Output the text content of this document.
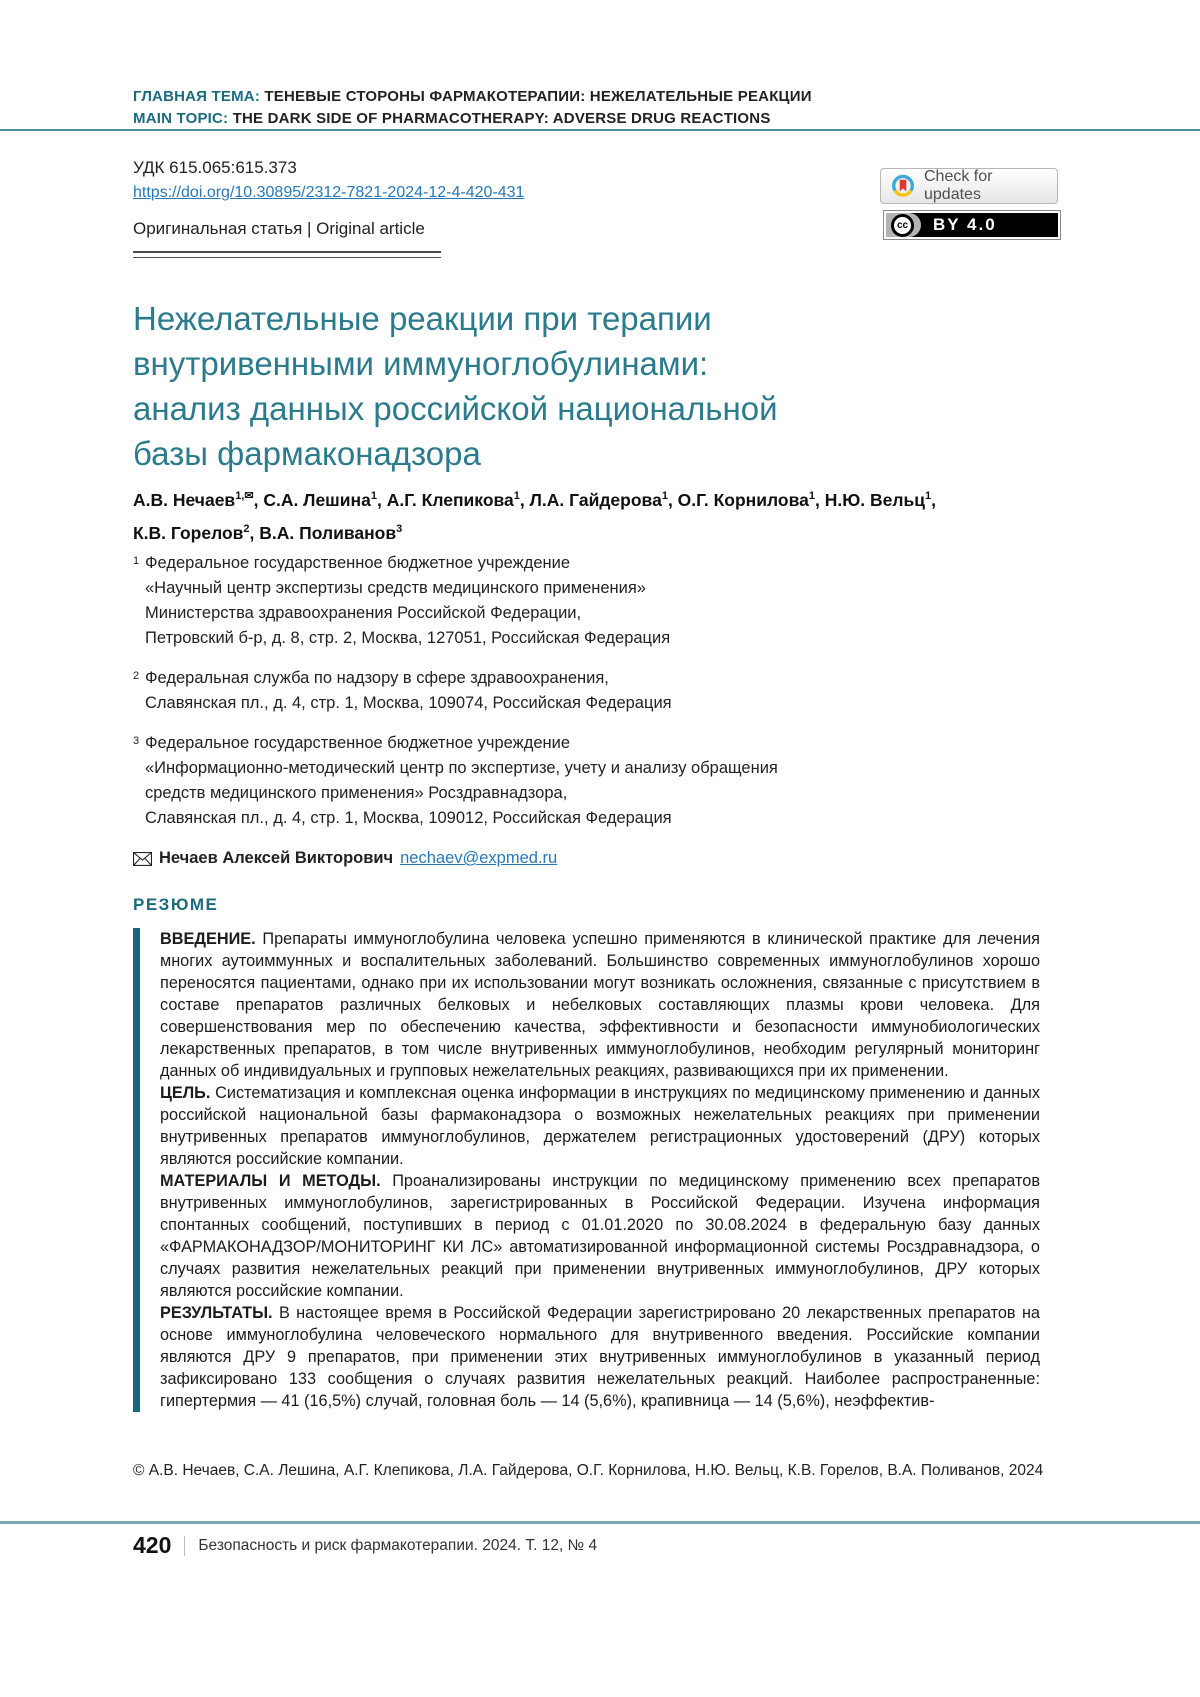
ГЛАВНАЯ ТЕМА: ТЕНЕВЫЕ СТОРОНЫ ФАРМАКОТЕРАПИИ: НЕЖЕЛАТЕЛЬНЫЕ РЕАКЦИИ
MAIN TOPIC: THE DARK SIDE OF PHARMACOTHERAPY: ADVERSE DRUG REACTIONS
УДК 615.065:615.373
https://doi.org/10.30895/2312-7821-2024-12-4-420-431
Оригинальная статья | Original article
Check for updates
cc	BY 4.0
Нежелательные реакции при терапии
внутривенными иммуноглобулинами:
анализ данных российской национальной
базы фармаконадзора
А.В. Нечаев$^{1,✉}$, С.А. Лешина$^1$, А.Г. Клепикова$^1$, Л.А. Гайдерова$^1$, О.Г. Корнилова$^1$, Н.Ю. Вельц$^1$,
К.В. Горелов$^2$, В.А. Поливанов$^3$

1 Федеральное государственное бюджетное учреждение
«Научный центр экспертизы средств медицинского применения»
Министерства здравоохранения Российской Федерации,
Петровский б-р, д. 8, стр. 2, Москва, 127051, Российская Федерация

2 Федеральная служба по надзору в сфере здравоохранения,
Славянская пл., д. 4, стр. 1, Москва, 109074, Российская Федерация

3 Федеральное государственное бюджетное учреждение
«Информационно-методический центр по экспертизе, учету и анализу обращения
средств медицинского применения» Росздравнадзора,
Славянская пл., д. 4, стр. 1, Москва, 109012, Российская Федерация

Нечаев Алексей Викторович nechaev@expmed.ru
РЕЗЮМЕ

ВВЕДЕНИЕ. Препараты иммуноглобулина человека успешно применяются в клинической практике для лечения многих аутоиммунных и воспалительных заболеваний. Большинство современных иммуноглобулинов хорошо переносятся пациентами, однако при их использовании могут возникать осложнения, связанные с присутствием в составе препаратов различных белковых и небелковых составляющих плазмы крови человека. Для совершенствования мер по обеспечению качества, эффективности и безопасности иммунобиологических лекарственных препаратов, в том числе внутривенных иммуноглобулинов, необходим регулярный мониторинг данных об индивидуальных и групповых нежелательных реакциях, развивающихся при их применении.

ЦЕЛЬ. Систематизация и комплексная оценка информации в инструкциях по медицинскому применению и данных российской национальной базы фармаконадзора о возможных нежелательных реакциях при применении внутривенных препаратов иммуноглобулинов, держателем регистрационных удостоверений (ДРУ) которых являются российские компании.

МАТЕРИАЛЫ И МЕТОДЫ. Проанализированы инструкции по медицинскому применению всех препаратов внутривенных иммуноглобулинов, зарегистрированных в Российской Федерации. Изучена информация спонтанных сообщений, поступивших в период с 01.01.2020 по 30.08.2024 в федеральную базу данных «ФАРМАКОНАДЗОР/МОНИТОРИНГ КИ ЛС» автоматизированной информационной системы Росздравнадзора, о случаях развития нежелательных реакций при применении внутривенных иммуноглобулинов, ДРУ которых являются российские компании.

РЕЗУЛЬТАТЫ. В настоящее время в Российской Федерации зарегистрировано 20 лекарственных препаратов на основе иммуноглобулина человеческого нормального для внутривенного введения. Российские компании являются ДРУ 9 препаратов, при применении этих внутривенных иммуноглобулинов в указанный период зафиксировано 133 сообщения о случаях развития нежелательных реакций. Наиболее распространенные: гипертермия — 41 (16,5%) случай, головная боль — 14 (5,6%), крапивница — 14 (5,6%), неэффектив-

© А.В. Нечаев, С.А. Лешина, А.Г. Клепикова, Л.А. Гайдерова, О.Г. Корнилова, Н.Ю. Вельц, К.В. Горелов, В.А. Поливанов, 2024
420 Безопасность и риск фармакотерапии. 2024. Т. 12, № 4
